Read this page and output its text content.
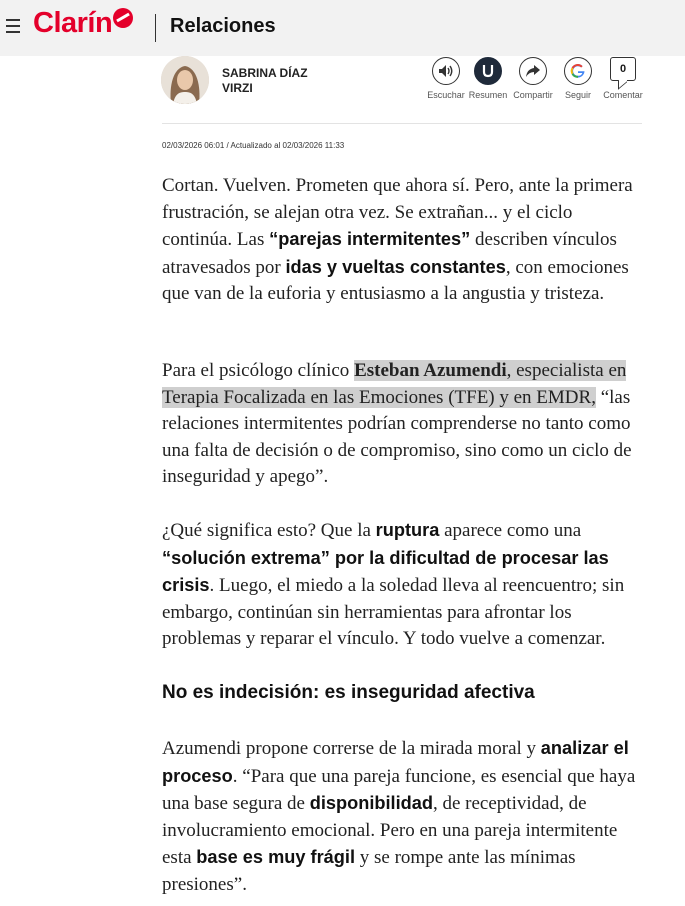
Clarín	Relaciones
SABRINA DÍAZ VIRZI	Escuchar Resumen Compartir	Seguir
0
Comentar
02/03/2026 06:01 / Actualizado al 02/03/2026 11:33
Cortan. Vuelven. Prometen que ahora sí. Pero, ante la primera frustración, se alejan otra vez. Se extrañan... y el ciclo continúa. Las “parejas intermitentes” describen vínculos atravesados por idas y vueltas constantes, con emociones que van de la euforia y entusiasmo a la angustia y tristeza.
Para el psicólogo clínico Esteban Azumendi, especialista en Terapia Focalizada en las Emociones (TFE) y en EMDR, “las relaciones intermitentes podrían comprenderse no tanto como una falta de decisión o de compromiso, sino como un ciclo de inseguridad y apego”.
¿Qué significa esto? Que la ruptura aparece como una “solución extrema” por la dificultad de procesar las crisis. Luego, el miedo a la soledad lleva al reencuentro; sin embargo, continúan sin herramientas para afrontar los problemas y reparar el vínculo. Y todo vuelve a comenzar.
No es indecisión: es inseguridad afectiva
Azumendi propone correrse de la mirada moral y analizar el proceso. “Para que una pareja funcione, es esencial que haya una base segura de disponibilidad, de receptividad, de involucramiento emocional. Pero en una pareja intermitente esta base es muy frágil y se rompe ante las mínimas presiones”.
